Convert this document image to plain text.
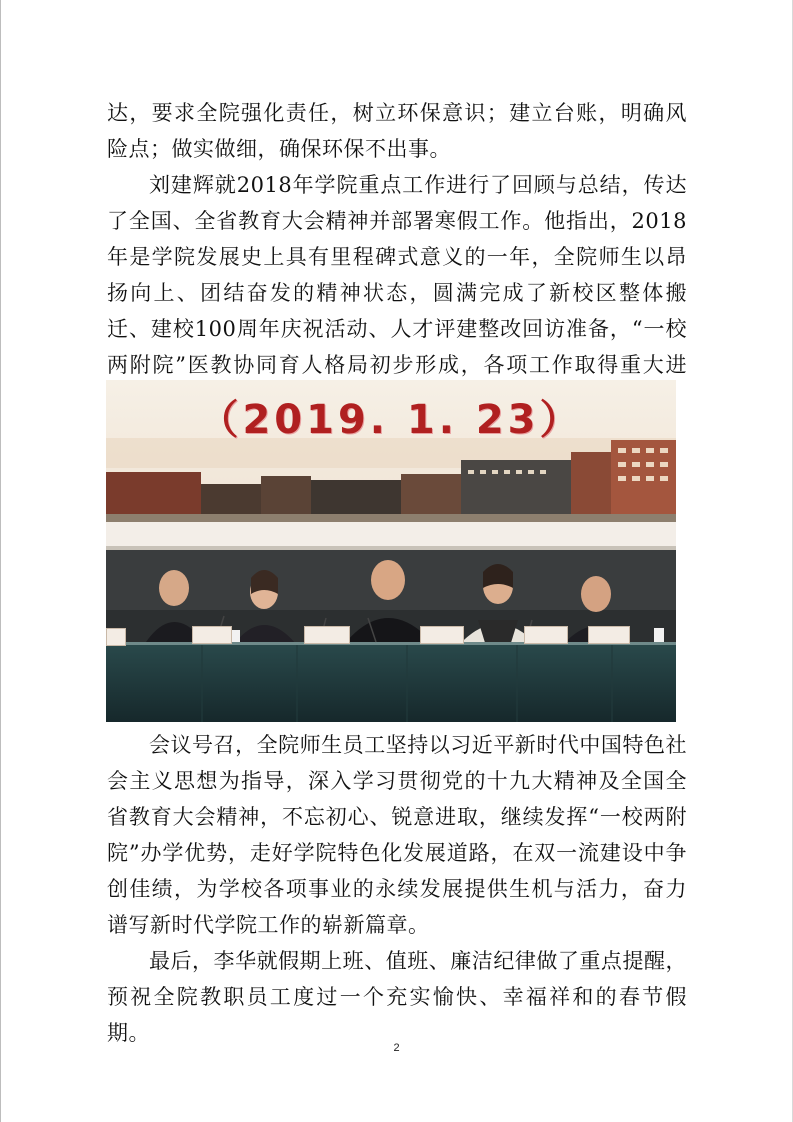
达，要求全院强化责任，树立环保意识；建立台账，明确风险点；做实做细，确保环保不出事。

刘建辉就2018年学院重点工作进行了回顾与总结，传达了全国、全省教育大会精神并部署寒假工作。他指出，2018年是学院发展史上具有里程碑式意义的一年，全院师生以昂扬向上、团结奋发的精神状态，圆满完成了新校区整体搬迁、建校100周年庆祝活动、人才评建整改回访准备，“一校两附院”医教协同育人格局初步形成，各项工作取得重大进

（2019. 1. 23）

会议号召，全院师生员工坚持以习近平新时代中国特色社会主义思想为指导，深入学习贯彻党的十九大精神及全国全省教育大会精神，不忘初心、锐意进取，继续发挥“一校两附院”办学优势，走好学院特色化发展道路，在双一流建设中争创佳绩，为学校各项事业的永续发展提供生机与活力，奋力谱写新时代学院工作的崭新篇章。

最后，李华就假期上班、值班、廉洁纪律做了重点提醒，预祝全院教职员工度过一个充实愉快、幸福祥和的春节假期。

2
